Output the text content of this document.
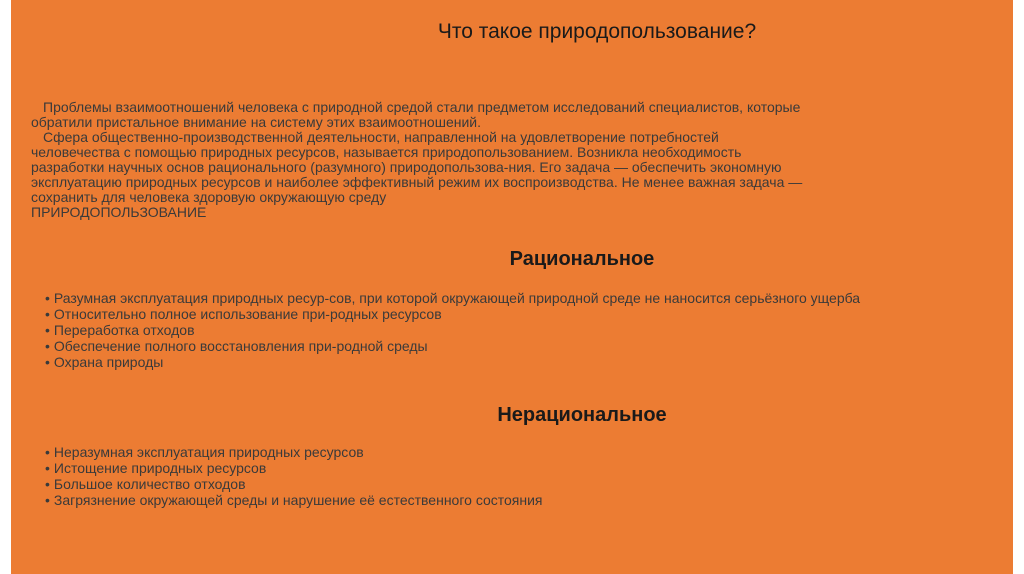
Что такое природопользование?
Проблемы взаимоотношений человека с природной средой стали предметом исследований специалистов, которые
обратили пристальное внимание на систему этих взаимоотношений.
Сфера общественно-производственной деятельности, направленной на удовлетворение потребностей
человечества с помощью природных ресурсов, называется природопользованием. Возникла необходимость
разработки научных основ рационального (разумного) природопользова-ния. Его задача — обеспечить экономную
эксплуатацию природных ресурсов и наиболее эффективный режим их воспроизводства. Не менее важная задача —
сохранить для человека здоровую окружающую среду
ПРИРОДОПОЛЬЗОВАНИЕ
Рациональное
• Разумная эксплуатация природных ресур-сов, при которой окружающей природной среде не наносится серьёзного ущерба
• Относительно полное использование при-родных ресурсов
• Переработка отходов
• Обеспечение полного восстановления при-родной среды
• Охрана природы
Нерациональное
• Неразумная эксплуатация природных ресурсов
• Истощение природных ресурсов
• Большое количество отходов
• Загрязнение окружающей среды и нарушение её естественного состояния
